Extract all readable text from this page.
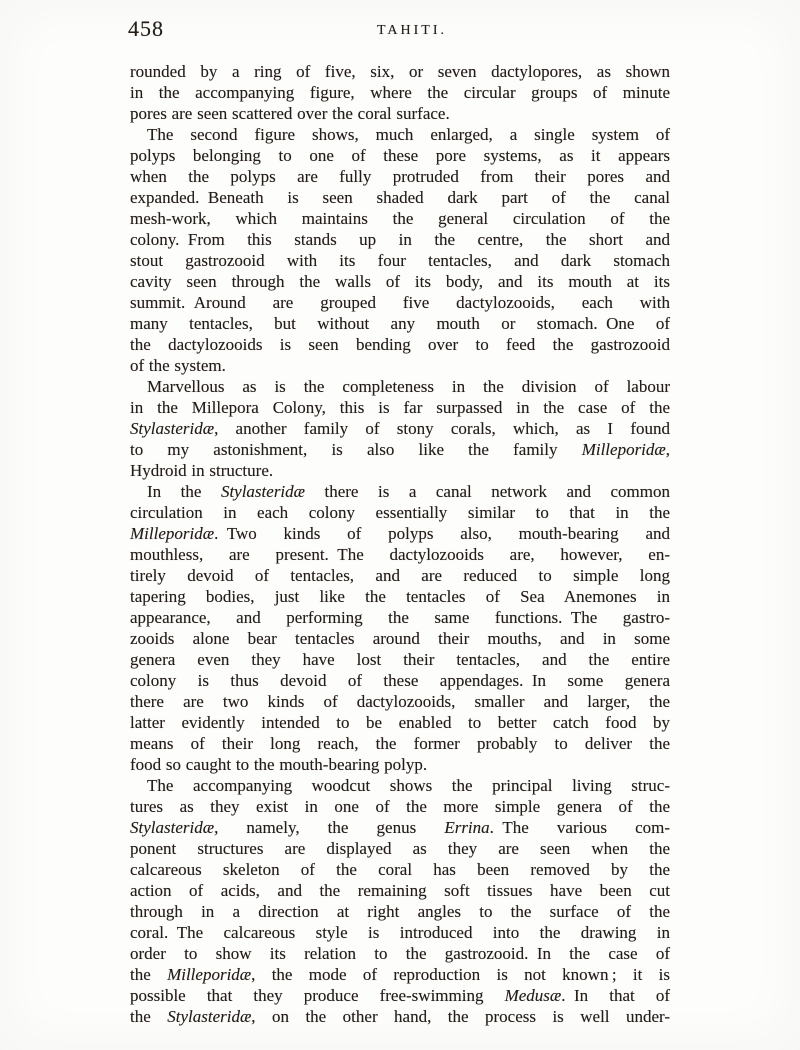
458	TAHITI.
rounded by a ring of five, six, or seven dactylopores, as shown
in the accompanying figure, where the circular groups of minute
pores are seen scattered over the coral surface.
The second figure shows, much enlarged, a single system of
polyps belonging to one of these pore systems, as it appears
when the polyps are fully protruded from their pores and
expanded. Beneath is seen shaded dark part of the canal
mesh-work, which maintains the general circulation of the
colony. From this stands up in the centre, the short and
stout gastrozooid with its four tentacles, and dark stomach
cavity seen through the walls of its body, and its mouth at its
summit. Around are grouped five dactylozooids, each with
many tentacles, but without any mouth or stomach. One of
the dactylozooids is seen bending over to feed the gastrozooid
of the system.
Marvellous as is the completeness in the division of labour
in the Millepora Colony, this is far surpassed in the case of the
Stylasteridæ, another family of stony corals, which, as I found
to my astonishment, is also like the family Milleporidæ,
Hydroid in structure.
In the Stylasteridæ there is a canal network and common
circulation in each colony essentially similar to that in the
Milleporidæ. Two kinds of polyps also, mouth-bearing and
mouthless, are present. The dactylozooids are, however, en-
tirely devoid of tentacles, and are reduced to simple long
tapering bodies, just like the tentacles of Sea Anemones in
appearance, and performing the same functions. The gastro-
zooids alone bear tentacles around their mouths, and in some
genera even they have lost their tentacles, and the entire
colony is thus devoid of these appendages. In some genera
there are two kinds of dactylozooids, smaller and larger, the
latter evidently intended to be enabled to better catch food by
means of their long reach, the former probably to deliver the
food so caught to the mouth-bearing polyp.
The accompanying woodcut shows the principal living struc-
tures as they exist in one of the more simple genera of the
Stylasteridæ, namely, the genus Errina. The various com-
ponent structures are displayed as they are seen when the
calcareous skeleton of the coral has been removed by the
action of acids, and the remaining soft tissues have been cut
through in a direction at right angles to the surface of the
coral. The calcareous style is introduced into the drawing in
order to show its relation to the gastrozooid. In the case of
the Milleporidæ, the mode of reproduction is not known ; it is
possible that they produce free-swimming Medusæ. In that of
the Stylasteridæ, on the other hand, the process is well under-
